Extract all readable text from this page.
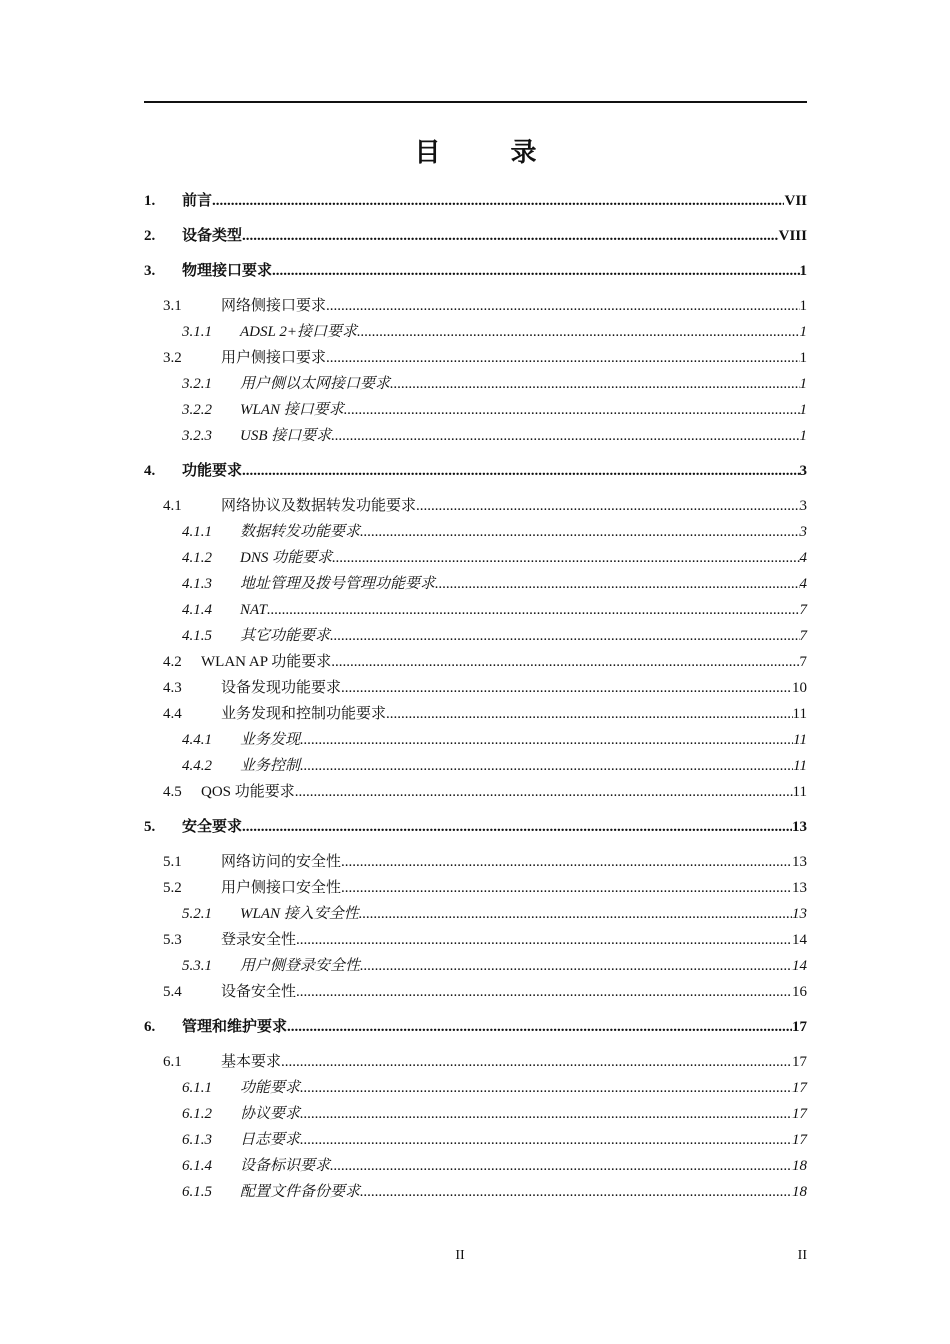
目　录
1.	前言 .....	VII
2.	设备类型 .....	VIII
3.	物理接口要求 .....	1
3.1	网络侧接口要求 .....	1
3.1.1	ADSL 2+接口要求 .....	1
3.2	用户侧接口要求 .....	1
3.2.1	用户侧以太网接口要求 .....	1
3.2.2	WLAN 接口要求 .....	1
3.2.3	USB 接口要求 .....	1
4.	功能要求 .....	3
4.1	网络协议及数据转发功能要求 .....	3
4.1.1	数据转发功能要求 .....	3
4.1.2	DNS 功能要求 .....	4
4.1.3	地址管理及拨号管理功能要求 .....	4
4.1.4	NAT .....	7
4.1.5	其它功能要求 .....	7
4.2	WLAN AP 功能要求 .....	7
4.3	设备发现功能要求 .....	10
4.4	业务发现和控制功能要求 .....	11
4.4.1	业务发现 .....	11
4.4.2	业务控制 .....	11
4.5	QOS 功能要求 .....	11
5.	安全要求 .....	13
5.1	网络访问的安全性 .....	13
5.2	用户侧接口安全性 .....	13
5.2.1	WLAN 接入安全性 .....	13
5.3	登录安全性 .....	14
5.3.1	用户侧登录安全性 .....	14
5.4	设备安全性 .....	16
6.	管理和维护要求 .....	17
6.1	基本要求 .....	17
6.1.1	功能要求 .....	17
6.1.2	协议要求 .....	17
6.1.3	日志要求 .....	17
6.1.4	设备标识要求 .....	18
6.1.5	配置文件备份要求 .....	18
II	II
